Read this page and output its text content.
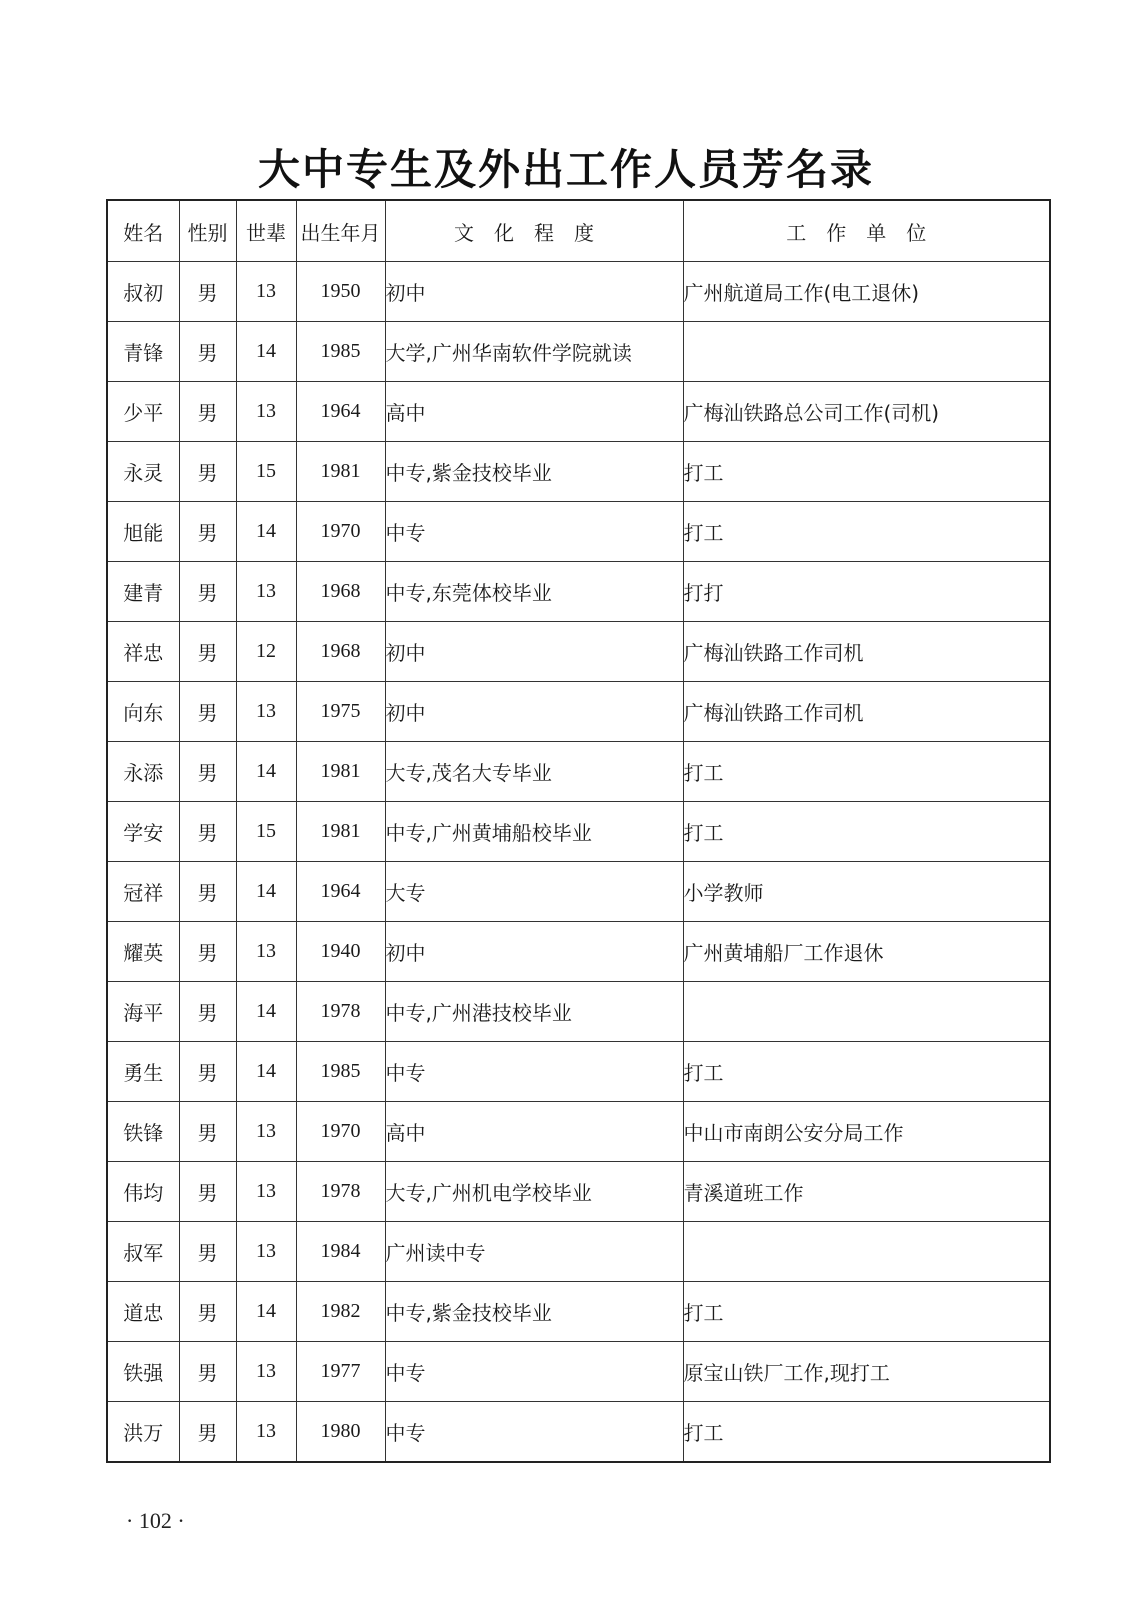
大中专生及外出工作人员芳名录
姓名	性别	世辈	出生年月	文化程度	工作单位
叔初	男	13	1950	初中	广州航道局工作(电工退休)
青锋	男	14	1985	大学,广州华南软件学院就读	
少平	男	13	1964	高中	广梅汕铁路总公司工作(司机)
永灵	男	15	1981	中专,紫金技校毕业	打工
旭能	男	14	1970	中专	打工
建青	男	13	1968	中专,东莞体校毕业	打打
祥忠	男	12	1968	初中	广梅汕铁路工作司机
向东	男	13	1975	初中	广梅汕铁路工作司机
永添	男	14	1981	大专,茂名大专毕业	打工
学安	男	15	1981	中专,广州黄埔船校毕业	打工
冠祥	男	14	1964	大专	小学教师
耀英	男	13	1940	初中	广州黄埔船厂工作退休
海平	男	14	1978	中专,广州港技校毕业	
勇生	男	14	1985	中专	打工
铁锋	男	13	1970	高中	中山市南朗公安分局工作
伟均	男	13	1978	大专,广州机电学校毕业	青溪道班工作
叔军	男	13	1984	广州读中专	
道忠	男	14	1982	中专,紫金技校毕业	打工
铁强	男	13	1977	中专	原宝山铁厂工作,现打工
洪万	男	13	1980	中专	打工
· 102 ·
